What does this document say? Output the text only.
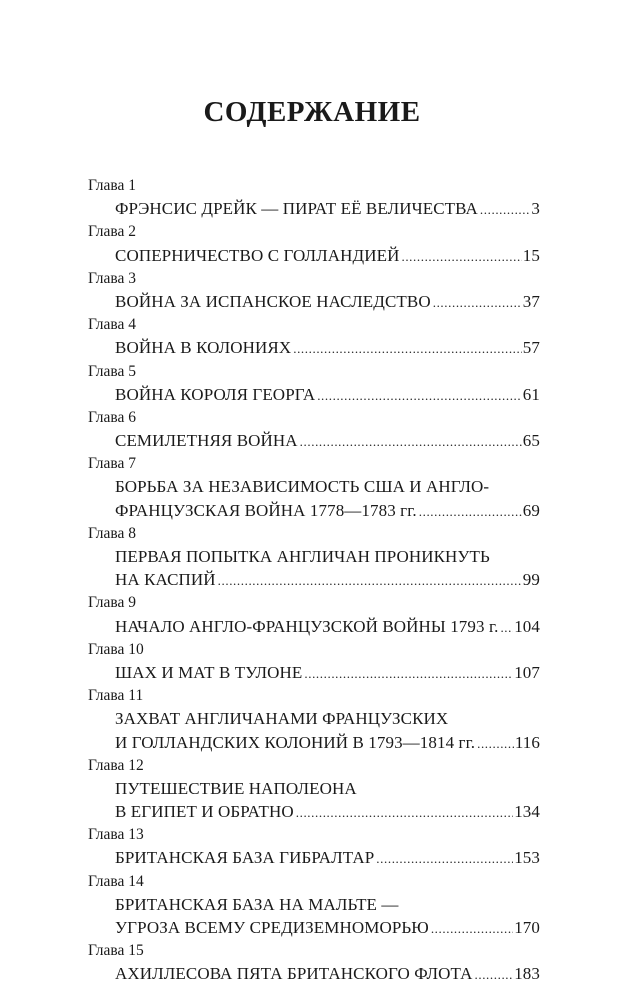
СОДЕРЖАНИЕ
Глава 1
ФРЭНСИС ДРЕЙК — ПИРАТ ЕЁ ВЕЛИЧЕСТВА .....	3
Глава 2
СОПЕРНИЧЕСТВО С ГОЛЛАНДИЕЙ .....	15
Глава 3
ВОЙНА ЗА ИСПАНСКОЕ НАСЛЕДСТВО .....	37
Глава 4
ВОЙНА В КОЛОНИЯХ .....	57
Глава 5
ВОЙНА КОРОЛЯ ГЕОРГА .....	61
Глава 6
СЕМИЛЕТНЯЯ ВОЙНА .....	65
Глава 7
БОРЬБА ЗА НЕЗАВИСИМОСТЬ США И АНГЛО-
ФРАНЦУЗСКАЯ ВОЙНА 1778—1783 гг. .....	69
Глава 8
ПЕРВАЯ ПОПЫТКА АНГЛИЧАН ПРОНИКНУТЬ
НА КАСПИЙ .....	99
Глава 9
НАЧАЛО АНГЛО-ФРАНЦУЗСКОЙ ВОЙНЫ 1793 г. ..... 104
Глава 10
ШАХ И МАТ В ТУЛОНЕ .....	107
Глава 11
ЗАХВАТ АНГЛИЧАНАМИ ФРАНЦУЗСКИХ
И ГОЛЛАНДСКИХ КОЛОНИЙ В 1793—1814 гг. ..... 116
Глава 12
ПУТЕШЕСТВИЕ НАПОЛЕОНА
В ЕГИПЕТ И ОБРАТНО .....	134
Глава 13
БРИТАНСКАЯ БАЗА ГИБРАЛТАР .....	153
Глава 14
БРИТАНСКАЯ БАЗА НА МАЛЬТЕ —
УГРОЗА ВСЕМУ СРЕДИЗЕМНОМОРЬЮ .....	170
Глава 15
АХИЛЛЕСОВА ПЯТА БРИТАНСКОГО ФЛОТА ..... 183
